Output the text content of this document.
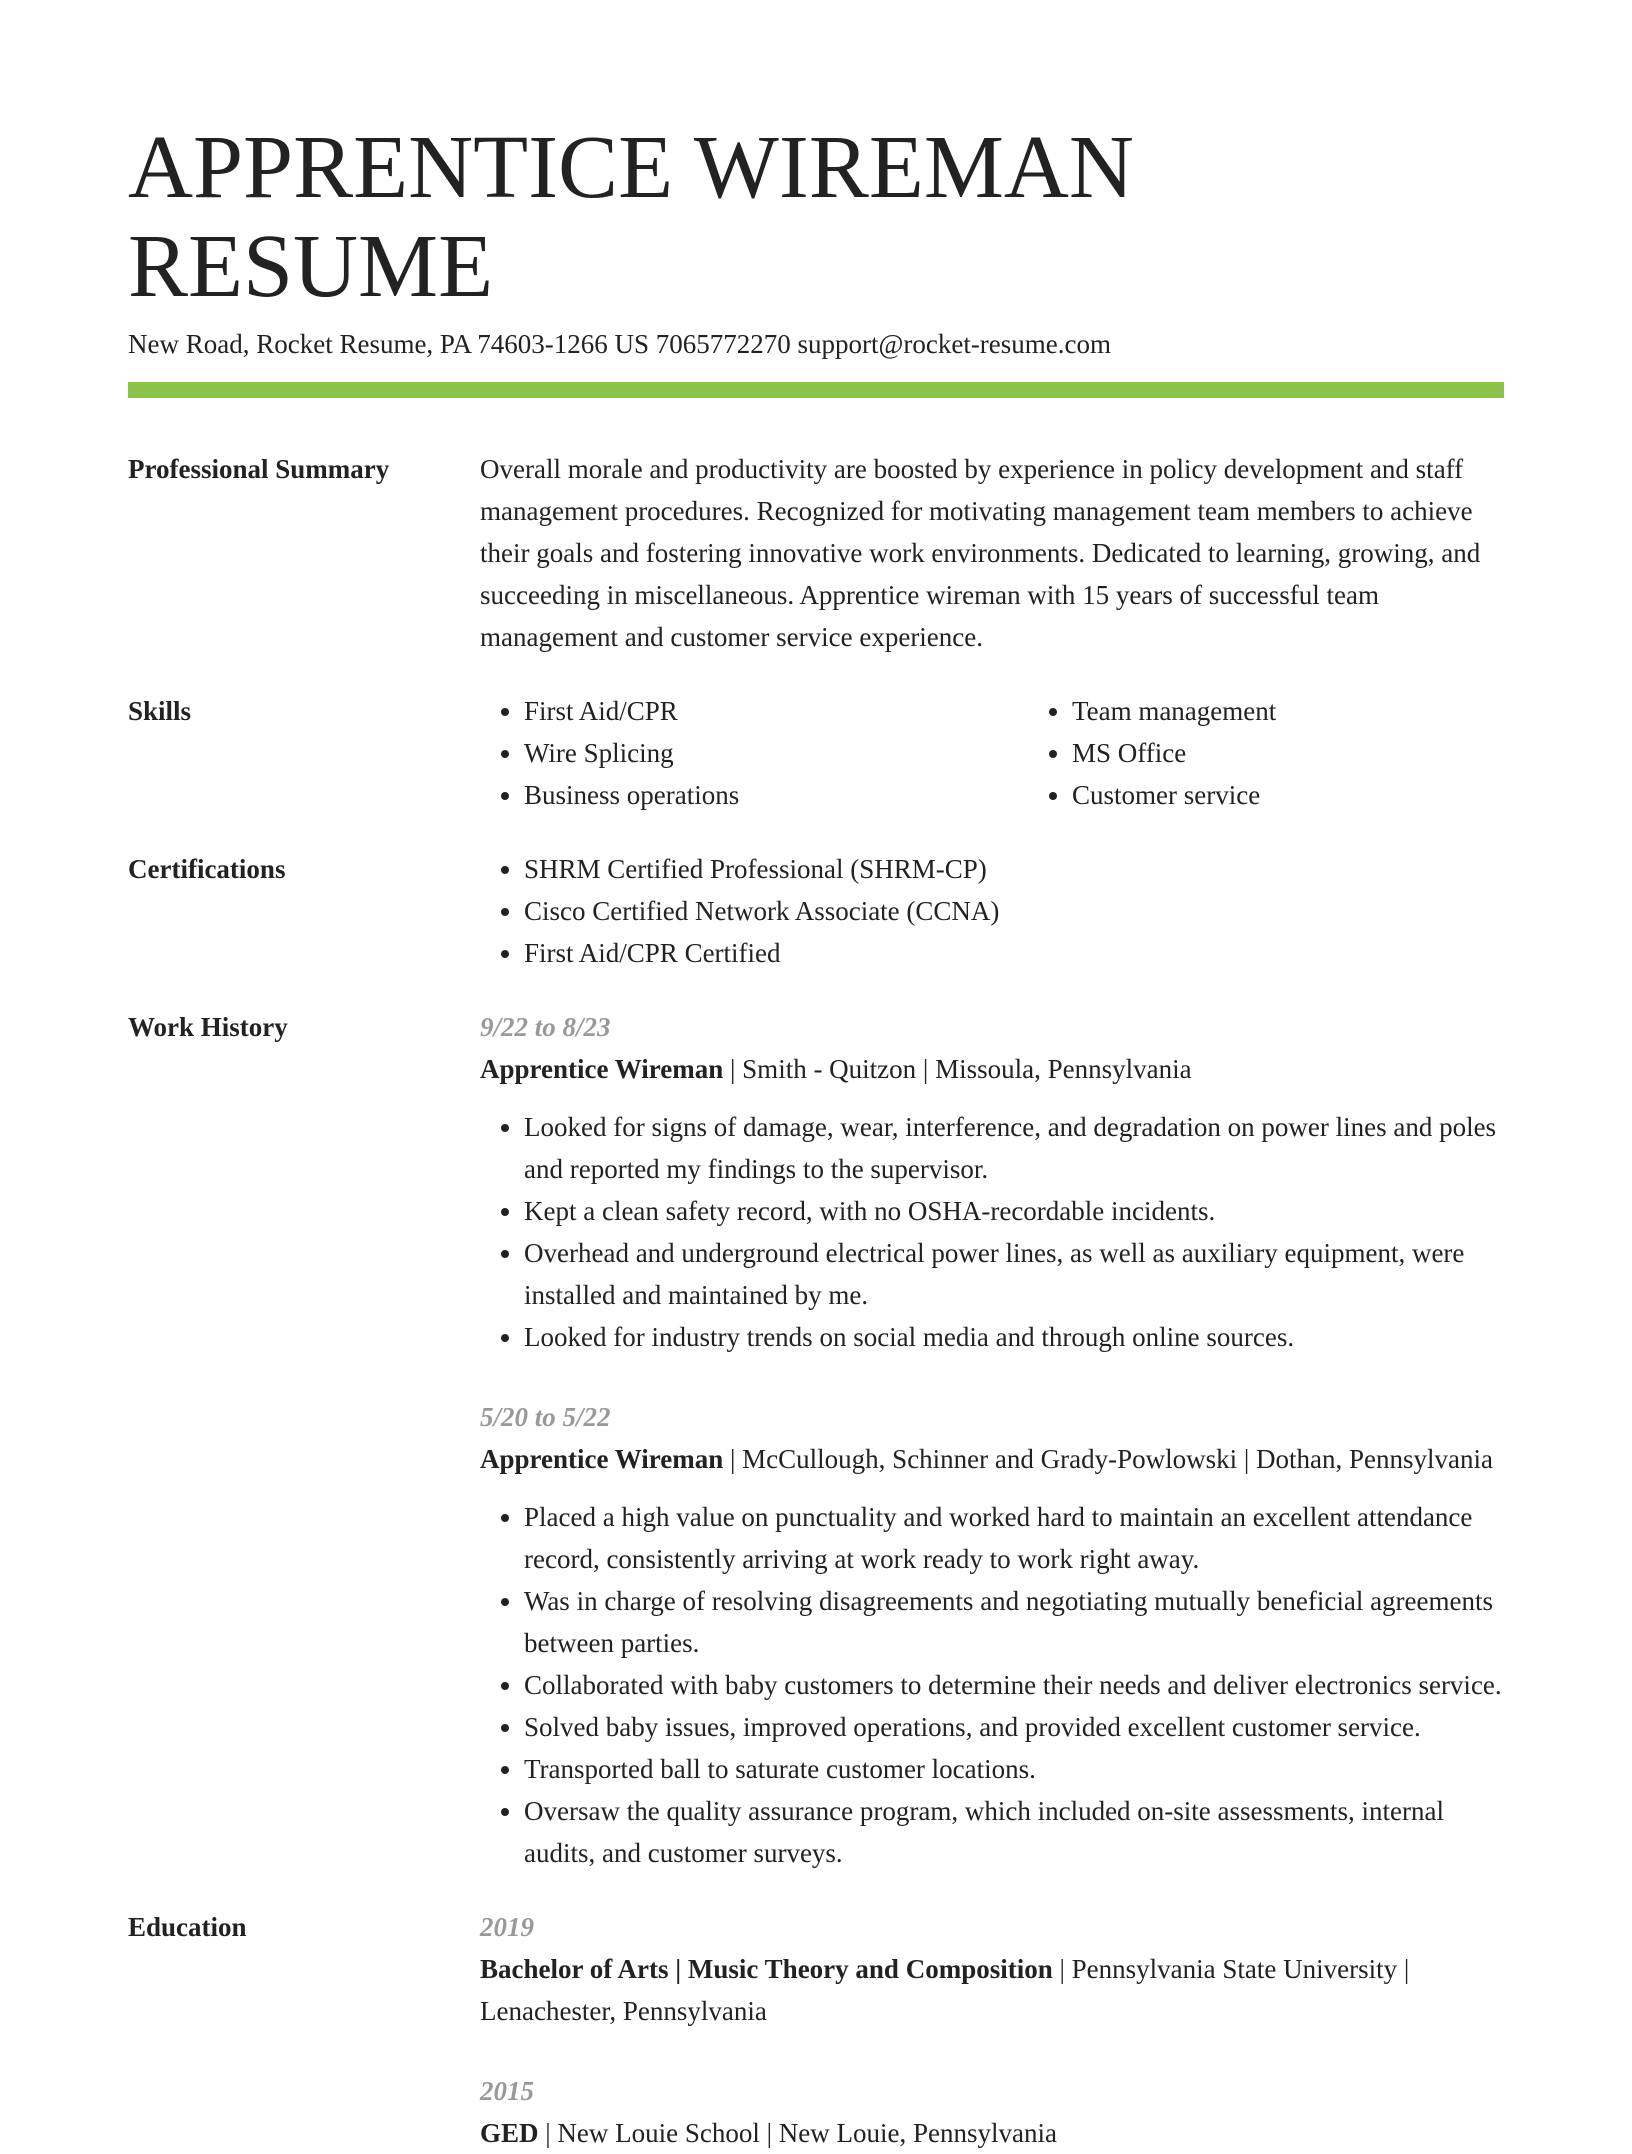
APPRENTICE WIREMAN RESUME
New Road, Rocket Resume, PA 74603-1266 US 7065772270 support@rocket-resume.com
Professional Summary	Overall morale and productivity are boosted by experience in policy development and staff management procedures. Recognized for motivating management team members to achieve their goals and fostering innovative work environments. Dedicated to learning, growing, and succeeding in miscellaneous. Apprentice wireman with 15 years of successful team management and customer service experience.

Skills	• First Aid/CPR
• Wire Splicing
• Business operations
• Team management
• MS Office
• Customer service
Certifications	• SHRM Certified Professional (SHRM-CP)
• Cisco Certified Network Associate (CCNA)
• First Aid/CPR Certified
Work History	9/22 to 8/23
Apprentice Wireman | Smith - Quitzon | Missoula, Pennsylvania
• Looked for signs of damage, wear, interference, and degradation on power lines and poles and reported my findings to the supervisor.
• Kept a clean safety record, with no OSHA-recordable incidents.
• Overhead and underground electrical power lines, as well as auxiliary equipment, were installed and maintained by me.
• Looked for industry trends on social media and through online sources.
5/20 to 5/22
Apprentice Wireman | McCullough, Schinner and Grady-Powlowski | Dothan, Pennsylvania
• Placed a high value on punctuality and worked hard to maintain an excellent attendance record, consistently arriving at work ready to work right away.
• Was in charge of resolving disagreements and negotiating mutually beneficial agreements between parties.
• Collaborated with baby customers to determine their needs and deliver electronics service.
• Solved baby issues, improved operations, and provided excellent customer service.
• Transported ball to saturate customer locations.
• Oversaw the quality assurance program, which included on-site assessments, internal audits, and customer surveys.
Education	2019
Bachelor of Arts | Music Theory and Composition | Pennsylvania State University | Lenachester, Pennsylvania
2015
GED | New Louie School | New Louie, Pennsylvania
